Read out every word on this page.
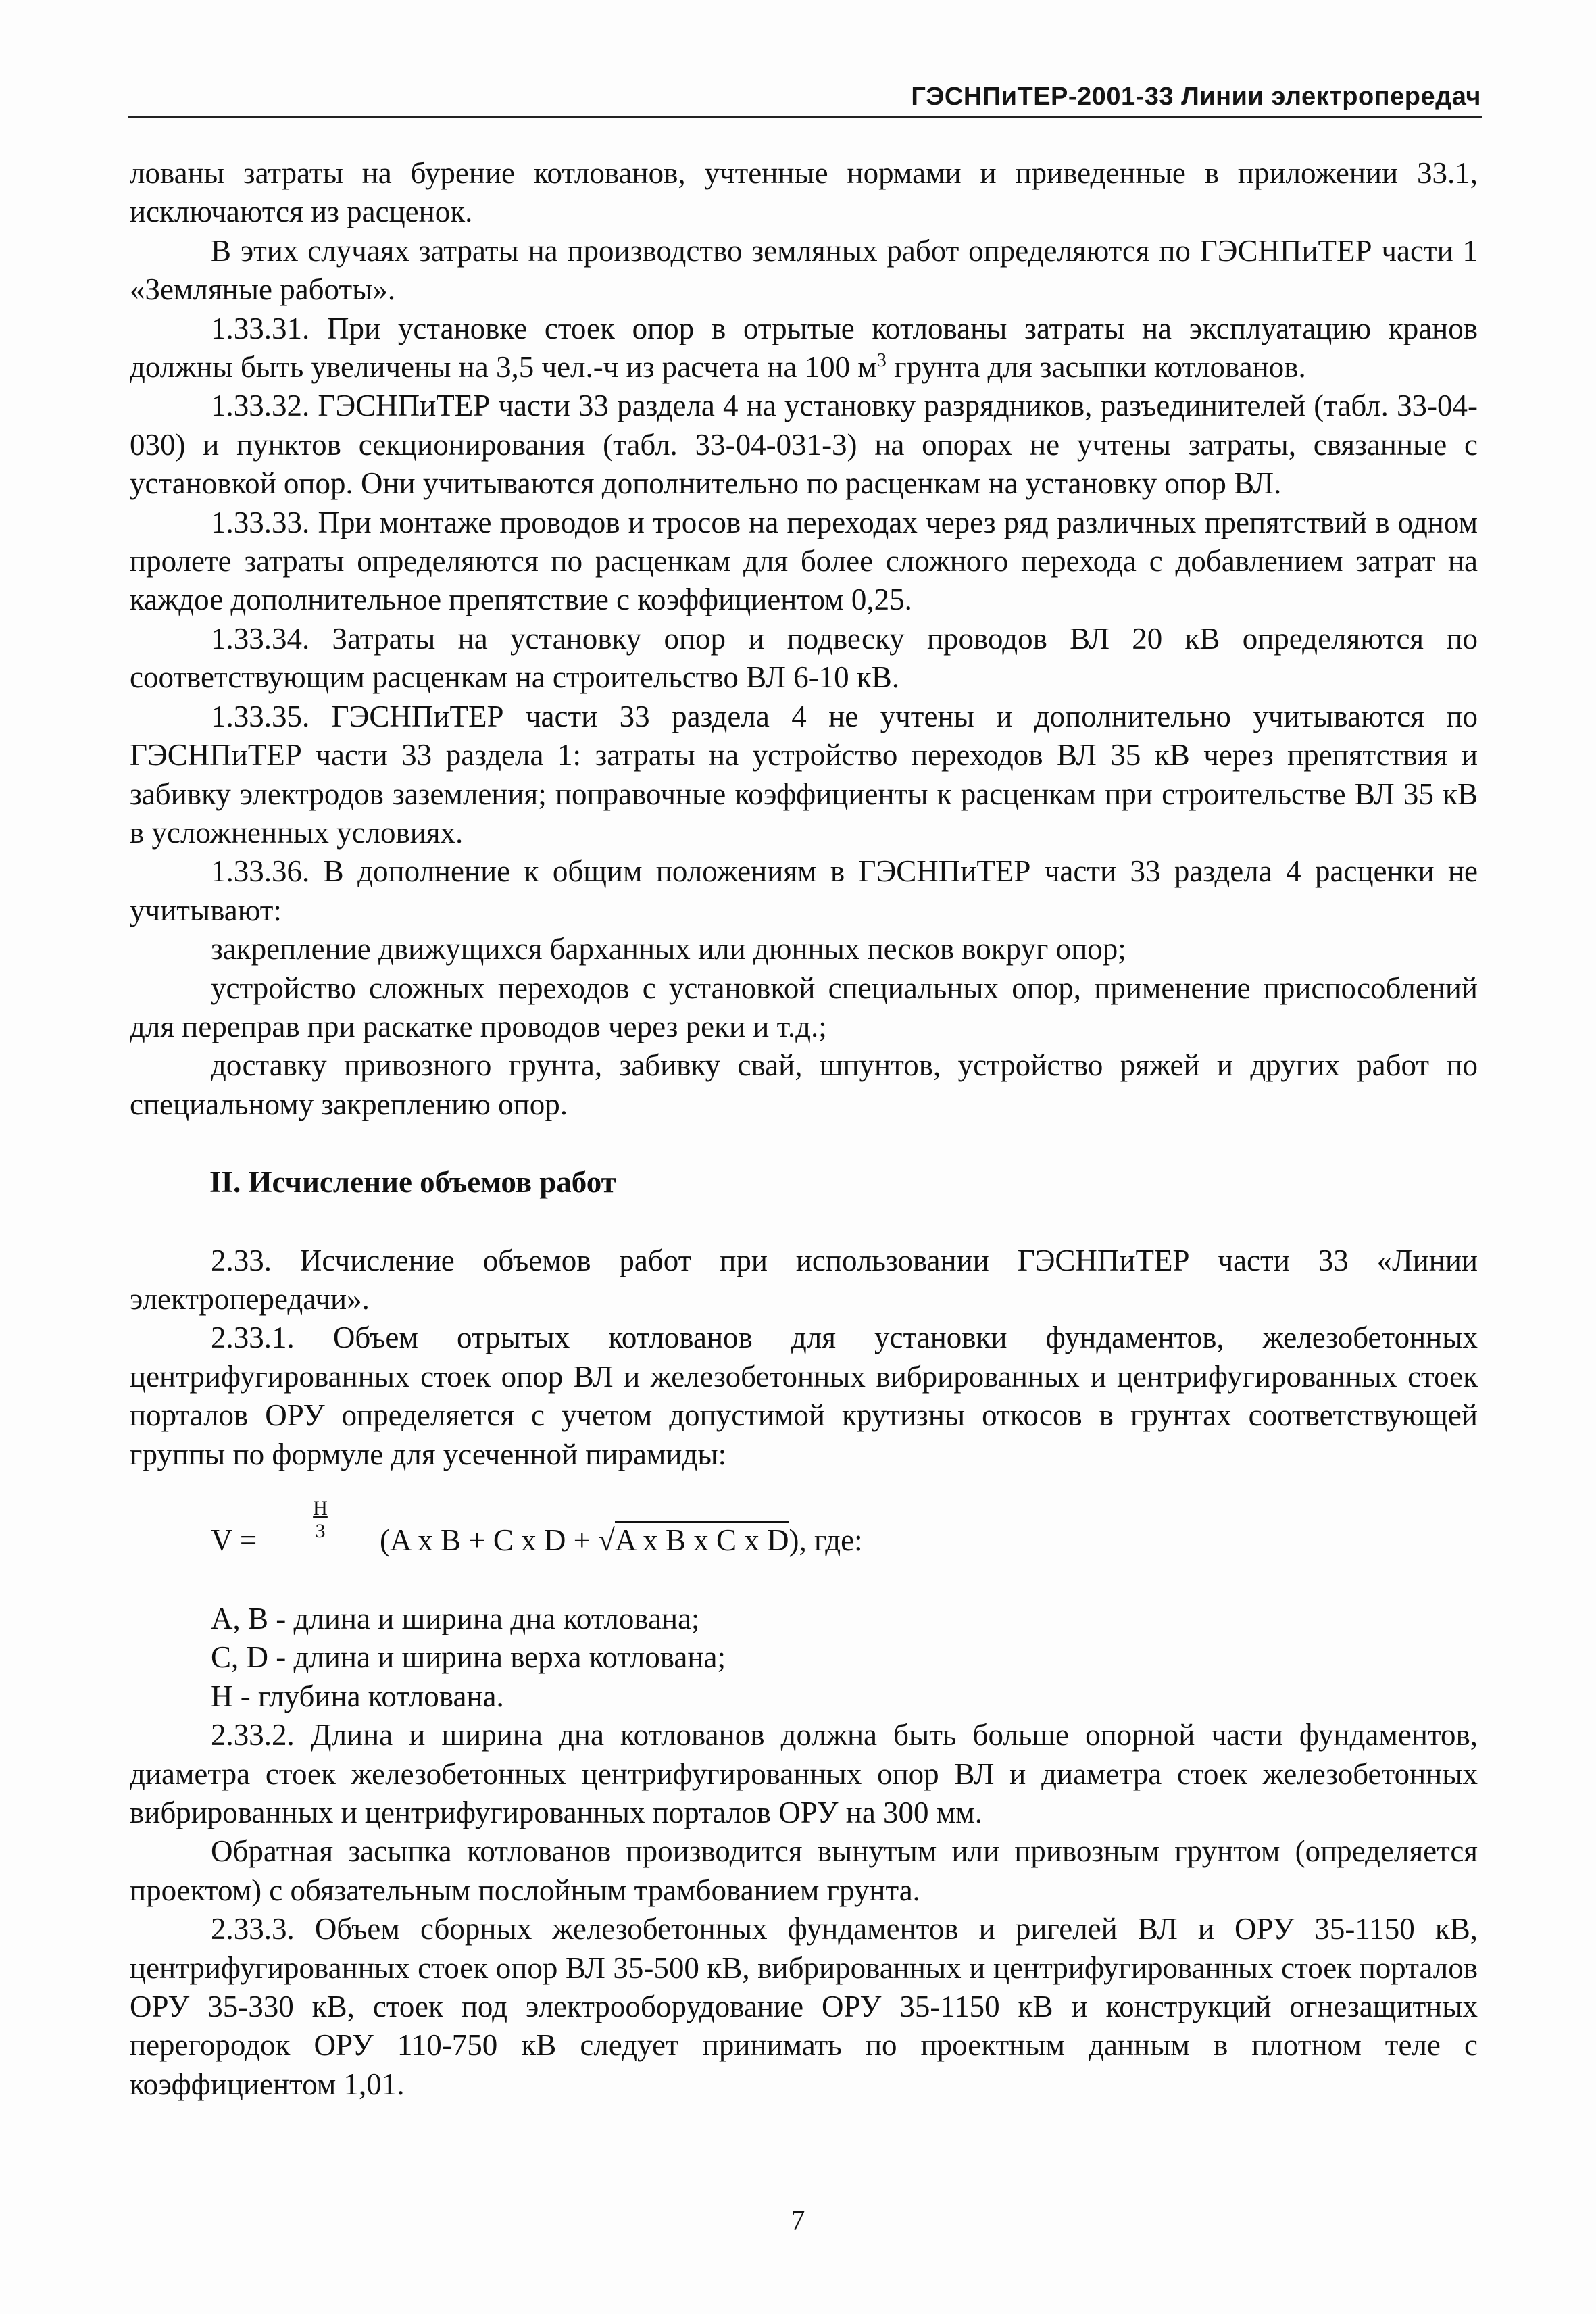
ГЭСНПиТЕР-2001-33 Линии электропередач

лованы затраты на бурение котлованов, учтенные нормами и приведенные в приложении 33.1, исключаются из расценок.

В этих случаях затраты на производство земляных работ определяются по ГЭСНПиТЕР части 1 «Земляные работы».

1.33.31. При установке стоек опор в отрытые котлованы затраты на эксплуатацию кранов должны быть увеличены на 3,5 чел.-ч из расчета на 100 $м^3$ грунта для засыпки котлованов.

1.33.32. ГЭСНПиТЕР части 33 раздела 4 на установку разрядников, разъединителей (табл. 33-04-030) и пунктов секционирования (табл. 33-04-031-3) на опорах не учтены затраты, связанные с установкой опор. Они учитываются дополнительно по расценкам на установку опор ВЛ.

1.33.33. При монтаже проводов и тросов на переходах через ряд различных препятствий в одном пролете затраты определяются по расценкам для более сложного перехода с добавлением затрат на каждое дополнительное препятствие с коэффициентом 0,25.

1.33.34. Затраты на установку опор и подвеску проводов ВЛ 20 кВ определяются по соответствующим расценкам на строительство ВЛ 6-10 кВ.

1.33.35. ГЭСНПиТЕР части 33 раздела 4 не учтены и дополнительно учитываются по ГЭСНПиТЕР части 33 раздела 1: затраты на устройство переходов ВЛ 35 кВ через препятствия и забивку электродов заземления; поправочные коэффициенты к расценкам при строительстве ВЛ 35 кВ в усложненных условиях.

1.33.36. В дополнение к общим положениям в ГЭСНПиТЕР части 33 раздела 4 расценки не учитывают:

закрепление движущихся барханных или дюнных песков вокруг опор;

устройство сложных переходов с установкой специальных опор, применение приспособлений для переправ при раскатке проводов через реки и т.д.;

доставку привозного грунта, забивку свай, шпунтов, устройство ряжей и других работ по специальному закреплению опор.

II. Исчисление объемов работ

2.33. Исчисление объемов работ при использовании ГЭСНПиТЕР части 33 «Линии электропередачи».

2.33.1. Объем отрытых котлованов для установки фундаментов, железобетонных центрифугированных стоек опор ВЛ и железобетонных вибрированных и центрифугированных стоек порталов ОРУ определяется с учетом допустимой крутизны откосов в грунтах соответствующей группы по формуле для усеченной пирамиды:

$V = \frac{H}{3} (A$ x B + C x D + √A x B x C x D), где:

A, B - длина и ширина дна котлована;

C, D - длина и ширина верха котлована;

H - глубина котлована.

2.33.2. Длина и ширина дна котлованов должна быть больше опорной части фундаментов, диаметра стоек железобетонных центрифугированных опор ВЛ и диаметра стоек железобетонных вибрированных и центрифугированных порталов ОРУ на 300 мм.

Обратная засыпка котлованов производится вынутым или привозным грунтом (определяется проектом) с обязательным послойным трамбованием грунта.

2.33.3. Объем сборных железобетонных фундаментов и ригелей ВЛ и ОРУ 35-1150 кВ, центрифугированных стоек опор ВЛ 35-500 кВ, вибрированных и центрифугированных стоек порталов ОРУ 35-330 кВ, стоек под электрооборудование ОРУ 35-1150 кВ и конструкций огнезащитных перегородок ОРУ 110-750 кВ следует принимать по проектным данным в плотном теле с коэффициентом 1,01.

7
